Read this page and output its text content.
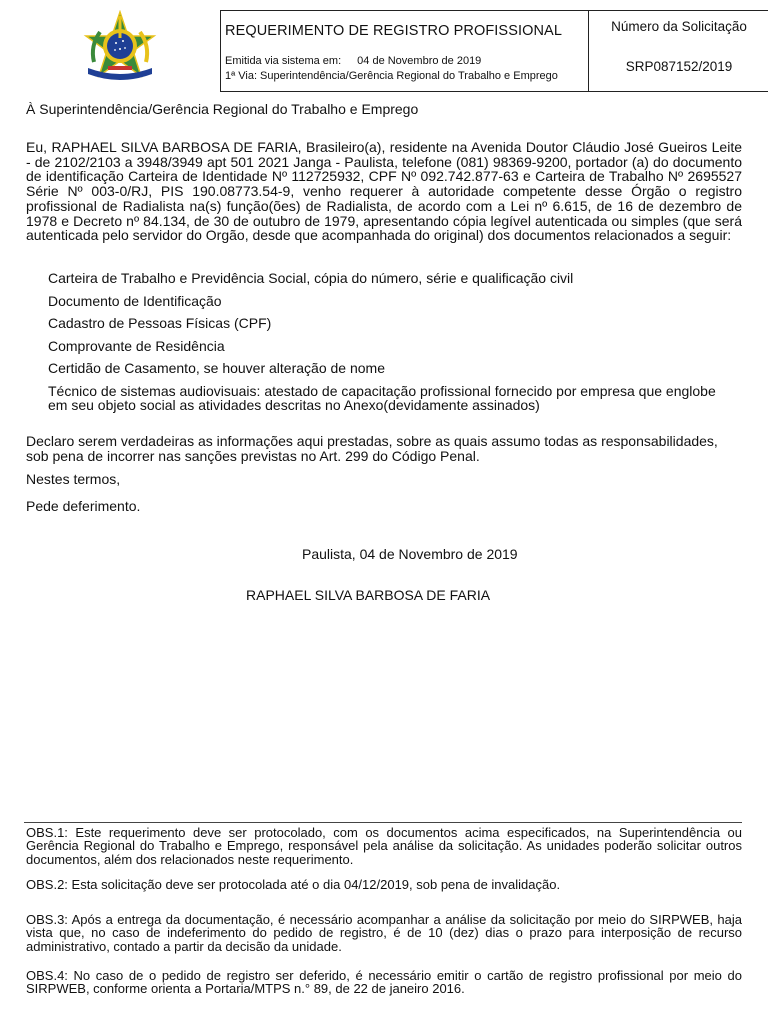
REQUERIMENTO DE REGISTRO PROFISSIONAL
Emitida via sistema em: 04 de Novembro de 2019
1ª Via: Superintendência/Gerência Regional do Trabalho e Emprego
Número da Solicitação
SRP087152/2019
À Superintendência/Gerência Regional do Trabalho e Emprego
Eu, RAPHAEL SILVA BARBOSA DE FARIA, Brasileiro(a), residente na Avenida Doutor Cláudio José Gueiros Leite - de 2102/2103 a 3948/3949 apt 501 2021 Janga - Paulista, telefone (081) 98369-9200, portador (a) do documento de identificação Carteira de Identidade Nº 112725932, CPF Nº 092.742.877-63 e Carteira de Trabalho Nº 2695527 Série Nº 003-0/RJ, PIS 190.08773.54-9, venho requerer à autoridade competente desse Órgão o registro profissional de Radialista na(s) função(ões) de Radialista, de acordo com a Lei nº 6.615, de 16 de dezembro de 1978 e Decreto nº 84.134, de 30 de outubro de 1979, apresentando cópia legível autenticada ou simples (que será autenticada pelo servidor do Orgão, desde que acompanhada do original) dos documentos relacionados a seguir:
Carteira de Trabalho e Previdência Social, cópia do número, série e qualificação civil
Documento de Identificação
Cadastro de Pessoas Físicas (CPF)
Comprovante de Residência
Certidão de Casamento, se houver alteração de nome
Técnico de sistemas audiovisuais: atestado de capacitação profissional fornecido por empresa que englobe em seu objeto social as atividades descritas no Anexo(devidamente assinados)
Declaro serem verdadeiras as informações aqui prestadas, sobre as quais assumo todas as responsabilidades, sob pena de incorrer nas sanções previstas no Art. 299 do Código Penal.
Nestes termos,
Pede deferimento.
Paulista, 04 de Novembro de 2019
RAPHAEL SILVA BARBOSA DE FARIA
OBS.1: Este requerimento deve ser protocolado, com os documentos acima especificados, na Superintendência ou Gerência Regional do Trabalho e Emprego, responsável pela análise da solicitação. As unidades poderão solicitar outros documentos, além dos relacionados neste requerimento.
OBS.2: Esta solicitação deve ser protocolada até o dia 04/12/2019, sob pena de invalidação.
OBS.3: Após a entrega da documentação, é necessário acompanhar a análise da solicitação por meio do SIRPWEB, haja vista que, no caso de indeferimento do pedido de registro, é de 10 (dez) dias o prazo para interposição de recurso administrativo, contado a partir da decisão da unidade.
OBS.4: No caso de o pedido de registro ser deferido, é necessário emitir o cartão de registro profissional por meio do SIRPWEB, conforme orienta a Portaria/MTPS n.° 89, de 22 de janeiro 2016.
